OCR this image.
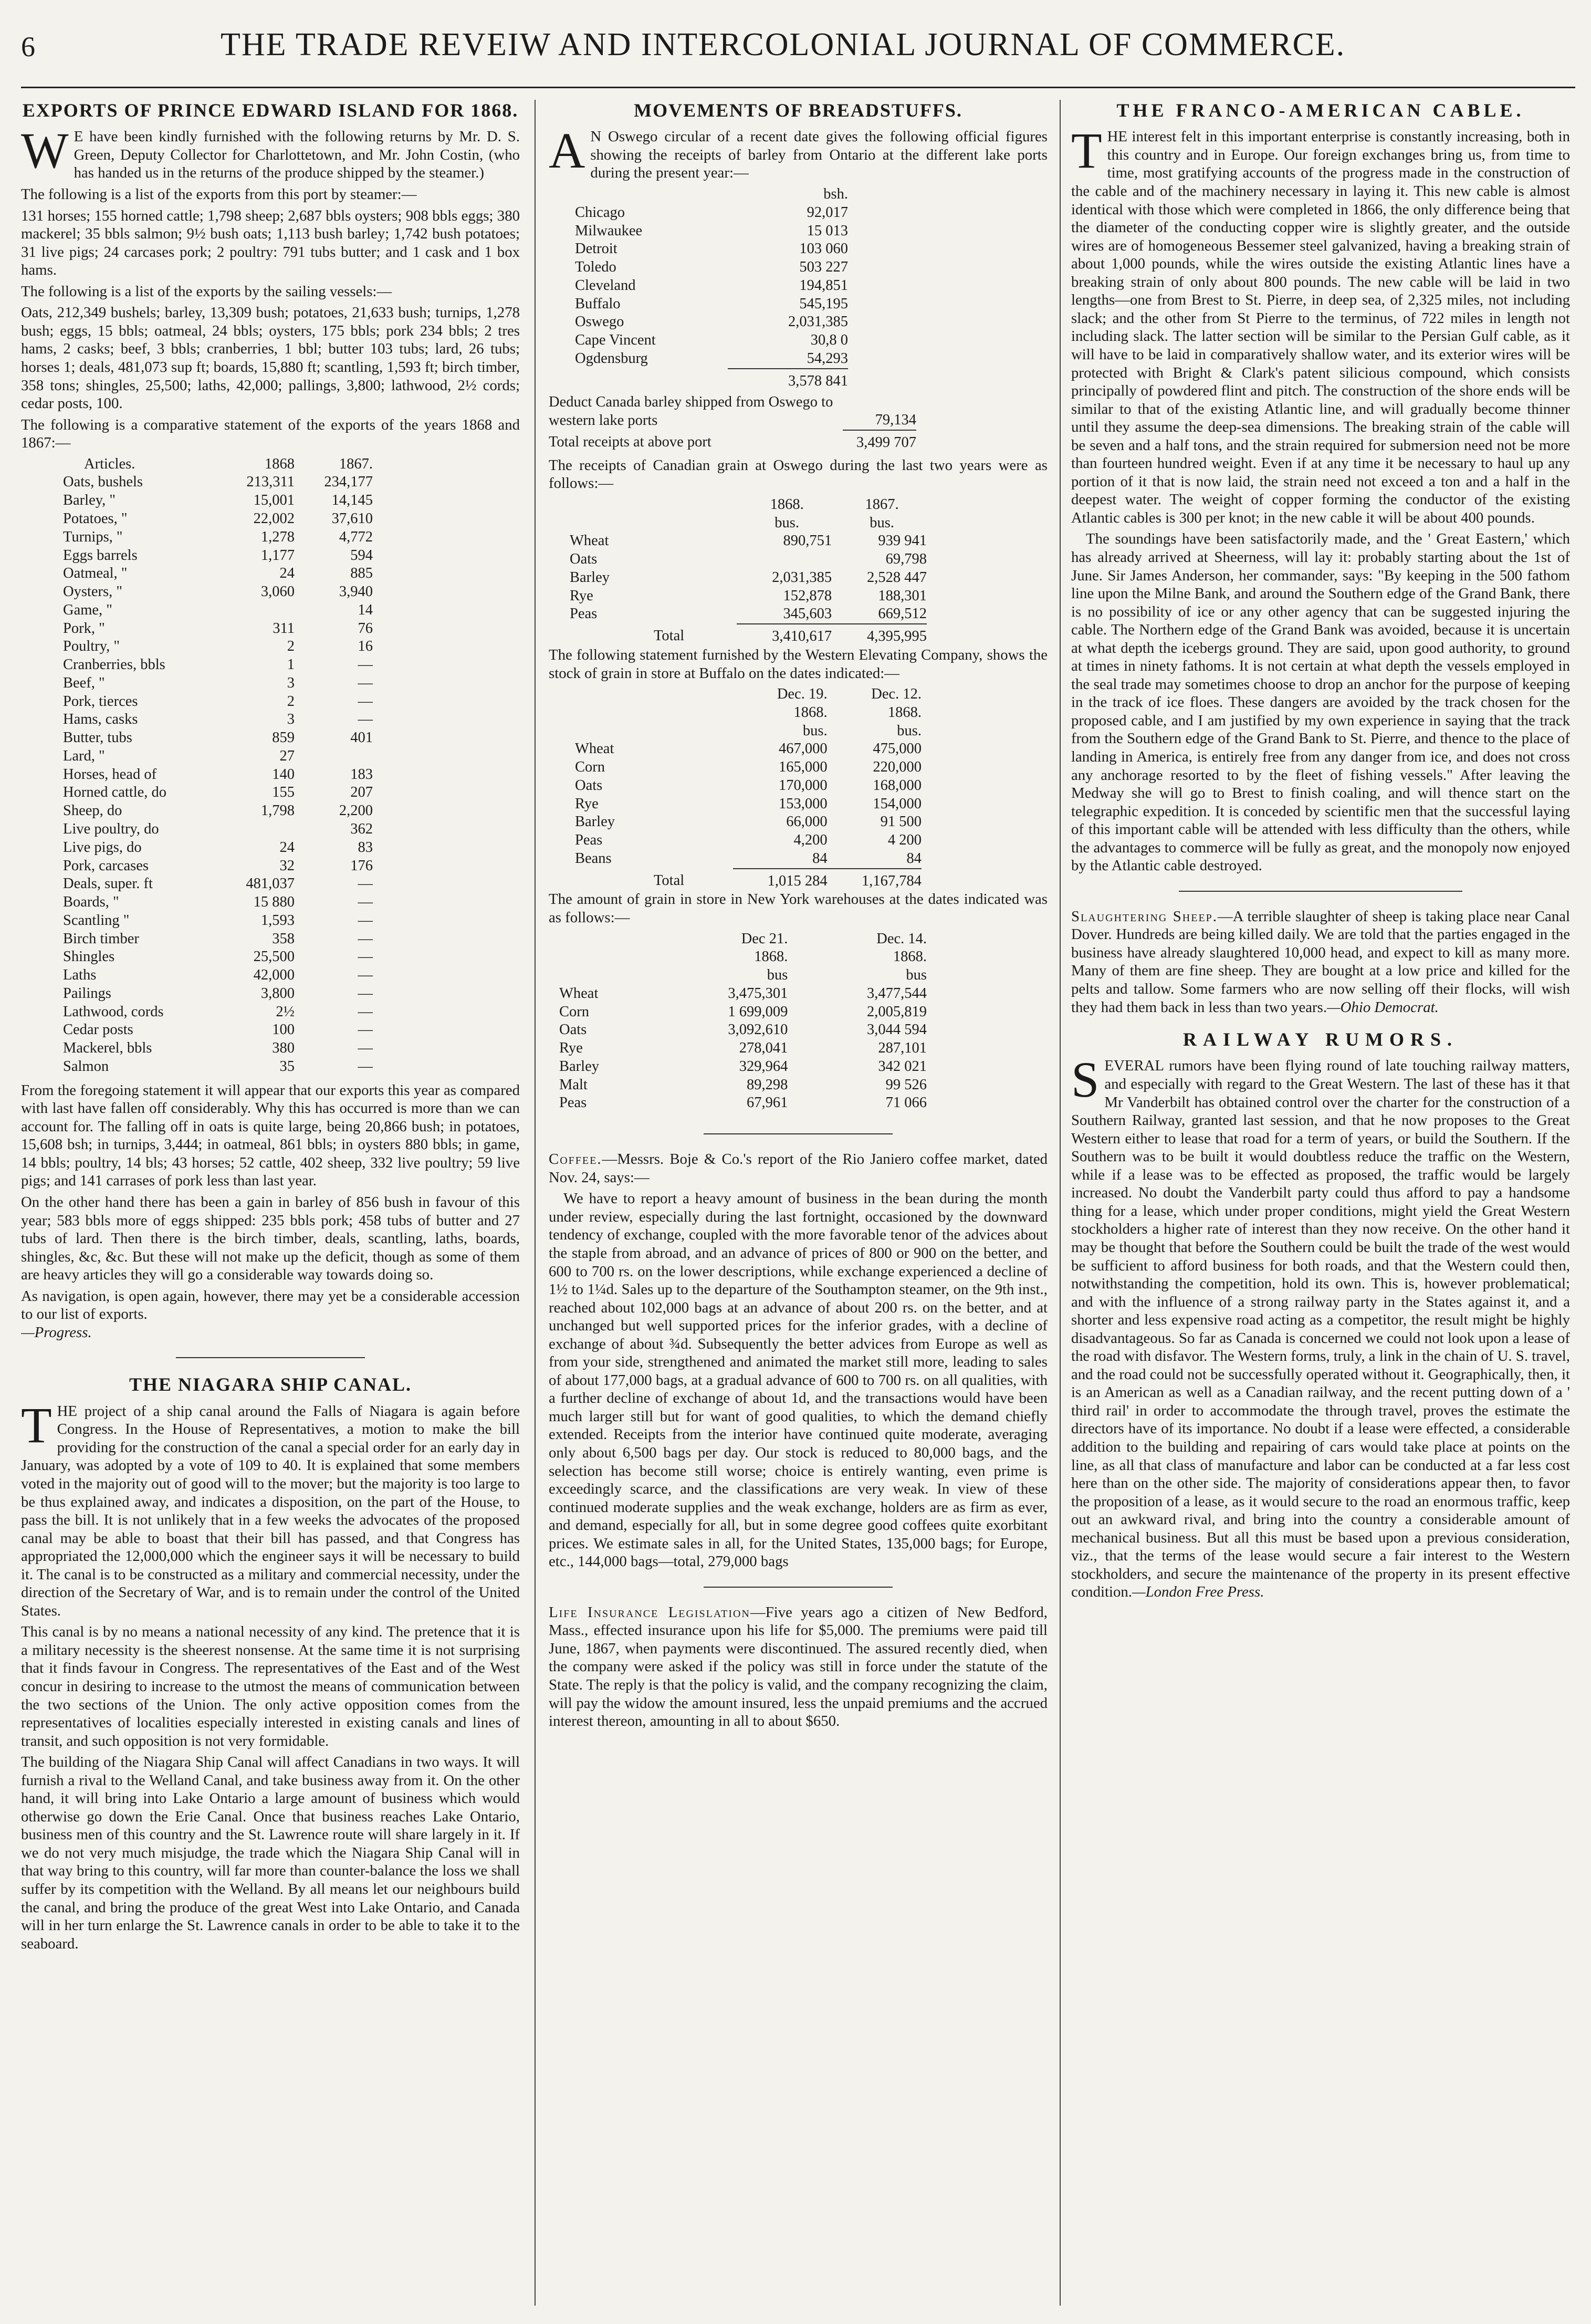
6	THE TRADE REVEIW AND INTERCOLONIAL JOURNAL OF COMMERCE.
EXPORTS OF PRINCE EDWARD ISLAND FOR 1868.

WE have been kindly furnished with the following returns by Mr. D. S. Green, Deputy Collector for Charlottetown, and Mr. John Costin, (who has handed us in the returns of the produce shipped by the steamer.)

The following is a list of the exports from this port by steamer:—

131 horses; 155 horned cattle; 1,798 sheep; 2,687 bbls oysters; 908 bbls eggs; 380 mackerel; 35 bbls salmon; 9½ bush oats; 1,113 bush barley; 1,742 bush potatoes; 31 live pigs; 24 carcases pork; 2 poultry: 791 tubs butter; and 1 cask and 1 box hams.

The following is a list of the exports by the sailing vessels:—

Oats, 212,349 bushels; barley, 13,309 bush; potatoes, 21,633 bush; turnips, 1,278 bush; eggs, 15 bbls; oatmeal, 24 bbls; oysters, 175 bbls; pork 234 bbls; 2 tres hams, 2 casks; beef, 3 bbls; cranberries, 1 bbl; butter 103 tubs; lard, 26 tubs; horses 1; deals, 481,073 sup ft; boards, 15,880 ft; scantling, 1,593 ft; birch timber, 358 tons; shingles, 25,500; laths, 42,000; pallings, 3,800; lathwood, 2½ cords; cedar posts, 100.

The following is a comparative statement of the exports of the years 1868 and 1867:—

Articles.	1868	1867.
Oats, bushels	213,311	234,177
Barley, "	15,001	14,145
Potatoes, "	22,002	37,610
Turnips, "	1,278	4,772
Eggs barrels	1,177	594
Oatmeal, "	24	885
Oysters, "	3,060	3,940
Game, "		14
Pork, "	311	76
Poultry, "	2	16
Cranberries, bbls	1	—
Beef, "	3	—
Pork, tierces	2	—
Hams, casks	3	—
Butter, tubs	859	401
Lard, "	27	
Horses, head of	140	183
Horned cattle, do	155	207
Sheep, do	1,798	2,200
Live poultry, do		362
Live pigs, do	24	83
Pork, carcases	32	176
Deals, super. ft	481,037	—
Boards, "	15 880	—
Scantling "	1,593	—
Birch timber	358	—
Shingles	25,500	—
Laths	42,000	—
Pailings	3,800	—
Lathwood, cords	2½	—
Cedar posts	100	—
Mackerel, bbls	380	—
Salmon	35	—

From the foregoing statement it will appear that our exports this year as compared with last have fallen off considerably. Why this has occurred is more than we can account for. The falling off in oats is quite large, being 20,866 bush; in potatoes, 15,608 bsh; in turnips, 3,444; in oatmeal, 861 bbls; in oysters 880 bbls; in game, 14 bbls; poultry, 14 bls; 43 horses; 52 cattle, 402 sheep, 332 live poultry; 59 live pigs; and 141 carrases of pork less than last year.

On the other hand there has been a gain in barley of 856 bush in favour of this year; 583 bbls more of eggs shipped: 235 bbls pork; 458 tubs of butter and 27 tubs of lard. Then there is the birch timber, deals, scantling, laths, boards, shingles, &c, &c. But these will not make up the deficit, though as some of them are heavy articles they will go a considerable way towards doing so.

As navigation, is open again, however, there may yet be a considerable accession to our list of exports.
—Progress.

THE NIAGARA SHIP CANAL.

THE project of a ship canal around the Falls of Niagara is again before Congress. In the House of Representatives, a motion to make the bill providing for the construction of the canal a special order for an early day in January, was adopted by a vote of 109 to 40. It is explained that some members voted in the majority out of good will to the mover; but the majority is too large to be thus explained away, and indicates a disposition, on the part of the House, to pass the bill. It is not unlikely that in a few weeks the advocates of the proposed canal may be able to boast that their bill has passed, and that Congress has appropriated the 12,000,000 which the engineer says it will be necessary to build it. The canal is to be constructed as a military and commercial necessity, under the direction of the Secretary of War, and is to remain under the control of the United States.

This canal is by no means a national necessity of any kind. The pretence that it is a military necessity is the sheerest nonsense. At the same time it is not surprising that it finds favour in Congress. The representatives of the East and of the West concur in desiring to increase to the utmost the means of communication between the two sections of the Union. The only active opposition comes from the representatives of localities especially interested in existing canals and lines of transit, and such opposition is not very formidable.

The building of the Niagara Ship Canal will affect Canadians in two ways. It will furnish a rival to the Welland Canal, and take business away from it. On the other hand, it will bring into Lake Ontario a large amount of business which would otherwise go down the Erie Canal. Once that business reaches Lake Ontario, business men of this country and the St. Lawrence route will share largely in it. If we do not very much misjudge, the trade which the Niagara Ship Canal will in that way bring to this country, will far more than counter-balance the loss we shall suffer by its competition with the Welland. By all means let our neighbours build the canal, and bring the produce of the great West into Lake Ontario, and Canada will in her turn enlarge the St. Lawrence canals in order to be able to take it to the seaboard.

MOVEMENTS OF BREADSTUFFS.

AN Oswego circular of a recent date gives the following official figures showing the receipts of barley from Ontario at the different lake ports during the present year:—

	bsh.
Chicago	92,017
Milwaukee	15 013
Detroit	103 060
Toledo	503 227
Cleveland	194,851
Buffalo	545,195
Oswego	2,031,385
Cape Vincent	30,8 0
Ogdensburg	54,293
	3,578 841
Deduct Canada barley shipped from Oswego to western lake ports	79,134
Total receipts at above port	3,499 707

The receipts of Canadian grain at Oswego during the last two years were as follows:—

	1868.	1867.
	bus.	bus.
Wheat	890,751	939 941
Oats		69,798
Barley	2,031,385	2,528 447
Rye	152,878	188,301
Peas	345,603	669,512
Total	3,410,617	4,395,995

The following statement furnished by the Western Elevating Company, shows the stock of grain in store at Buffalo on the dates indicated:—

	Dec. 19.	Dec. 12.
	1868.	1868.
	bus.	bus.
Wheat	467,000	475,000
Corn	165,000	220,000
Oats	170,000	168,000
Rye	153,000	154,000
Barley	66,000	91 500
Peas	4,200	4 200
Beans	84	84
Total	1,015 284	1,167,784

The amount of grain in store in New York warehouses at the dates indicated was as follows:—

	Dec 21.	Dec. 14.
	1868.	1868.
	bus	bus
Wheat	3,475,301	3,477,544
Corn	1 699,009	2,005,819
Oats	3,092,610	3,044 594
Rye	278,041	287,101
Barley	329,964	342 021
Malt	89,298	99 526
Peas	67,961	71 066

Coffee.—Messrs. Boje & Co.'s report of the Rio Janiero coffee market, dated Nov. 24, says:—

We have to report a heavy amount of business in the bean during the month under review, especially during the last fortnight, occasioned by the downward tendency of exchange, coupled with the more favorable tenor of the advices about the staple from abroad, and an advance of prices of 800 or 900 on the better, and 600 to 700 rs. on the lower descriptions, while exchange experienced a decline of 1½ to 1¼d. Sales up to the departure of the Southampton steamer, on the 9th inst., reached about 102,000 bags at an advance of about 200 rs. on the better, and at unchanged but well supported prices for the inferior grades, with a decline of exchange of about ¾d. Subsequently the better advices from Europe as well as from your side, strengthened and animated the market still more, leading to sales of about 177,000 bags, at a gradual advance of 600 to 700 rs. on all qualities, with a further decline of exchange of about 1d, and the transactions would have been much larger still but for want of good qualities, to which the demand chiefly extended. Receipts from the interior have continued quite moderate, averaging only about 6,500 bags per day. Our stock is reduced to 80,000 bags, and the selection has become still worse; choice is entirely wanting, even prime is exceedingly scarce, and the classifications are very weak. In view of these continued moderate supplies and the weak exchange, holders are as firm as ever, and demand, especially for all, but in some degree good coffees quite exorbitant prices. We estimate sales in all, for the United States, 135,000 bags; for Europe, etc., 144,000 bags—total, 279,000 bags

Life Insurance Legislation—Five years ago a citizen of New Bedford, Mass., effected insurance upon his life for $5,000. The premiums were paid till June, 1867, when payments were discontinued. The assured recently died, when the company were asked if the policy was still in force under the statute of the State. The reply is that the policy is valid, and the company recognizing the claim, will pay the widow the amount insured, less the unpaid premiums and the accrued interest thereon, amounting in all to about $650.

THE FRANCO-AMERICAN CABLE.

THE interest felt in this important enterprise is constantly increasing, both in this country and in Europe. Our foreign exchanges bring us, from time to time, most gratifying accounts of the progress made in the construction of the cable and of the machinery necessary in laying it. This new cable is almost identical with those which were completed in 1866, the only difference being that the diameter of the conducting copper wire is slightly greater, and the outside wires are of homogeneous Bessemer steel galvanized, having a breaking strain of about 1,000 pounds, while the wires outside the existing Atlantic lines have a breaking strain of only about 800 pounds. The new cable will be laid in two lengths—one from Brest to St. Pierre, in deep sea, of 2,325 miles, not including slack; and the other from St Pierre to the terminus, of 722 miles in length not including slack. The latter section will be similar to the Persian Gulf cable, as it will have to be laid in comparatively shallow water, and its exterior wires will be protected with Bright & Clark's patent silicious compound, which consists principally of powdered flint and pitch. The construction of the shore ends will be similar to that of the existing Atlantic line, and will gradually become thinner until they assume the deep-sea dimensions. The breaking strain of the cable will be seven and a half tons, and the strain required for submersion need not be more than fourteen hundred weight. Even if at any time it be necessary to haul up any portion of it that is now laid, the strain need not exceed a ton and a half in the deepest water. The weight of copper forming the conductor of the existing Atlantic cables is 300 per knot; in the new cable it will be about 400 pounds.

The soundings have been satisfactorily made, and the ' Great Eastern,' which has already arrived at Sheerness, will lay it: probably starting about the 1st of June. Sir James Anderson, her commander, says: "By keeping in the 500 fathom line upon the Milne Bank, and around the Southern edge of the Grand Bank, there is no possibility of ice or any other agency that can be suggested injuring the cable. The Northern edge of the Grand Bank was avoided, because it is uncertain at what depth the icebergs ground. They are said, upon good authority, to ground at times in ninety fathoms. It is not certain at what depth the vessels employed in the seal trade may sometimes choose to drop an anchor for the purpose of keeping in the track of ice floes. These dangers are avoided by the track chosen for the proposed cable, and I am justified by my own experience in saying that the track from the Southern edge of the Grand Bank to St. Pierre, and thence to the place of landing in America, is entirely free from any danger from ice, and does not cross any anchorage resorted to by the fleet of fishing vessels." After leaving the Medway she will go to Brest to finish coaling, and will thence start on the telegraphic expedition. It is conceded by scientific men that the successful laying of this important cable will be attended with less difficulty than the others, while the advantages to commerce will be fully as great, and the monopoly now enjoyed by the Atlantic cable destroyed.

Slaughtering Sheep.—A terrible slaughter of sheep is taking place near Canal Dover. Hundreds are being killed daily. We are told that the parties engaged in the business have already slaughtered 10,000 head, and expect to kill as many more. Many of them are fine sheep. They are bought at a low price and killed for the pelts and tallow. Some farmers who are now selling off their flocks, will wish they had them back in less than two years.—Ohio Democrat.

RAILWAY RUMORS.

SEVERAL rumors have been flying round of late touching railway matters, and especially with regard to the Great Western. The last of these has it that Mr Vanderbilt has obtained control over the charter for the construction of a Southern Railway, granted last session, and that he now proposes to the Great Western either to lease that road for a term of years, or build the Southern. If the Southern was to be built it would doubtless reduce the traffic on the Western, while if a lease was to be effected as proposed, the traffic would be largely increased. No doubt the Vanderbilt party could thus afford to pay a handsome thing for a lease, which under proper conditions, might yield the Great Western stockholders a higher rate of interest than they now receive. On the other hand it may be thought that before the Southern could be built the trade of the west would be sufficient to afford business for both roads, and that the Western could then, notwithstanding the competition, hold its own. This is, however problematical; and with the influence of a strong railway party in the States against it, and a shorter and less expensive road acting as a competitor, the result might be highly disadvantageous. So far as Canada is concerned we could not look upon a lease of the road with disfavor. The Western forms, truly, a link in the chain of U. S. travel, and the road could not be successfully operated without it. Geographically, then, it is an American as well as a Canadian railway, and the recent putting down of a ' third rail' in order to accommodate the through travel, proves the estimate the directors have of its importance. No doubt if a lease were effected, a considerable addition to the building and repairing of cars would take place at points on the line, as all that class of manufacture and labor can be conducted at a far less cost here than on the other side. The majority of considerations appear then, to favor the proposition of a lease, as it would secure to the road an enormous traffic, keep out an awkward rival, and bring into the country a considerable amount of mechanical business. But all this must be based upon a previous consideration, viz., that the terms of the lease would secure a fair interest to the Western stockholders, and secure the maintenance of the property in its present effective condition.—London Free Press.
